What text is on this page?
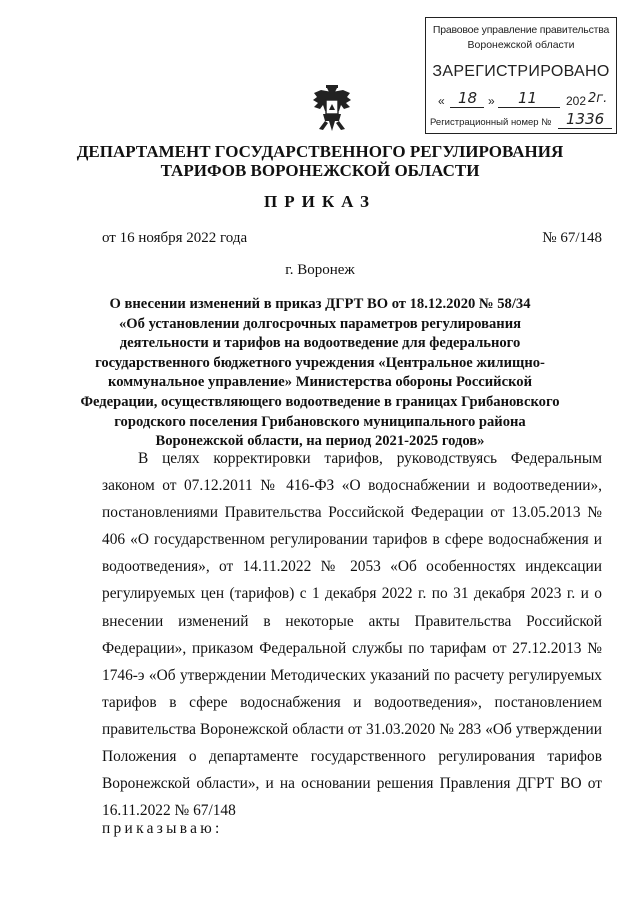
Правовое управление правительства
Воронежской области
ЗАРЕГИСТРИРОВАНО
« 18 » 11 202 2г.
Регистрационный номер № 1336
ДЕПАРТАМЕНТ ГОСУДАРСТВЕННОГО РЕГУЛИРОВАНИЯ
ТАРИФОВ ВОРОНЕЖСКОЙ ОБЛАСТИ
ПРИКАЗ
от 16 ноября 2022 года	№ 67/148
г. Воронеж
О внесении изменений в приказ ДГРТ ВО от 18.12.2020 № 58/34
«Об установлении долгосрочных параметров регулирования
деятельности и тарифов на водоотведение для федерального
государственного бюджетного учреждения «Центральное жилищно-
коммунальное управление» Министерства обороны Российской
Федерации, осуществляющего водоотведение в границах Грибановского
городского поселения Грибановского муниципального района
Воронежской области, на период 2021-2025 годов»

В целях корректировки тарифов, руководствуясь Федеральным законом от 07.12.2011 № 416-ФЗ «О водоснабжении и водоотведении», постановлениями Правительства Российской Федерации от 13.05.2013 № 406 «О государственном регулировании тарифов в сфере водоснабжения и водоотведения», от 14.11.2022 № 2053 «Об особенностях индексации регулируемых цен (тарифов) с 1 декабря 2022 г. по 31 декабря 2023 г. и о внесении изменений в некоторые акты Правительства Российской Федерации», приказом Федеральной службы по тарифам от 27.12.2013 № 1746-э «Об утверждении Методических указаний по расчету регулируемых тарифов в сфере водоснабжения и водоотведения», постановлением правительства Воронежской области от 31.03.2020 № 283 «Об утверждении Положения о департаменте государственного регулирования тарифов Воронежской области», и на основании решения Правления ДГРТ ВО от 16.11.2022 № 67/148

приказываю:
